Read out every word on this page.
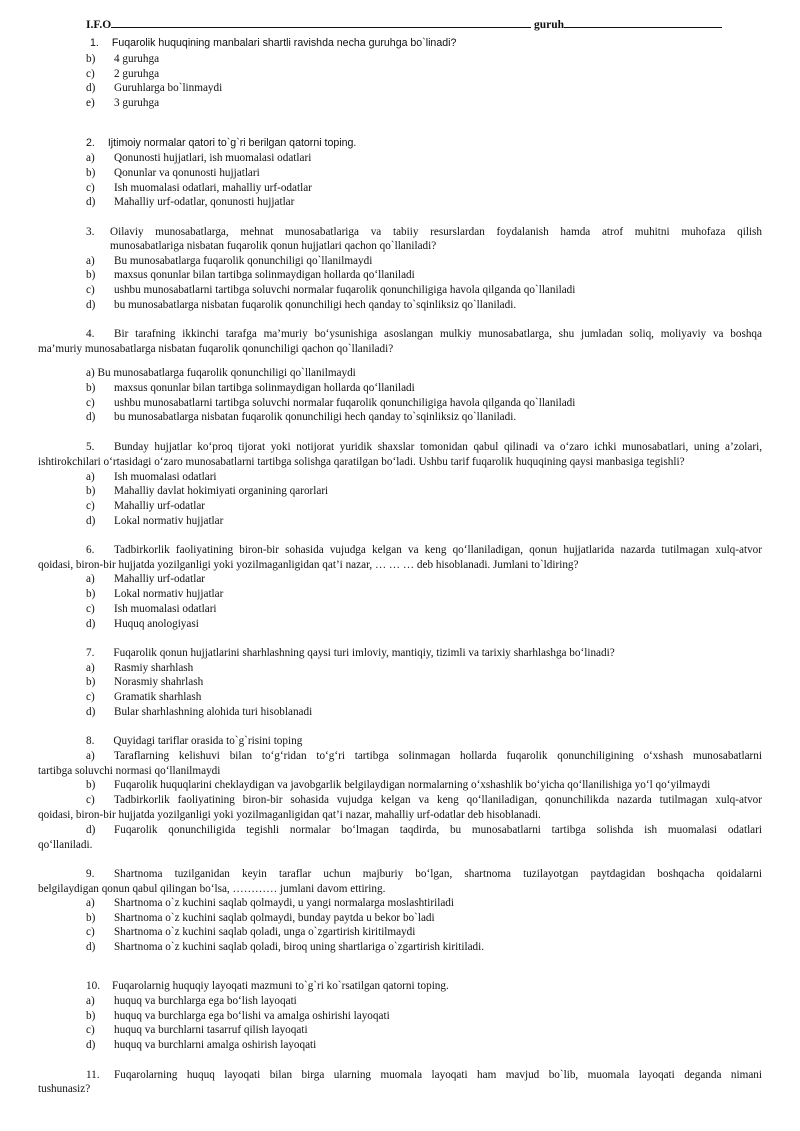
I.F.O	guruh
1. Fuqarolik huquqining manbalari shartli ravishda necha guruhga bo`linadi?
b) 4 guruhga
c) 2 guruhga
d) Guruhlarga bo`linmaydi
e) 3 guruhga
2. Ijtimoiy normalar qatori to`g`ri berilgan qatorni toping.
a) Qonunosti hujjatlari, ish muomalasi odatlari
b) Qonunlar va qonunosti hujjatlari
c) Ish muomalasi odatlari, mahalliy urf-odatlar
d) Mahalliy urf-odatlar, qonunosti hujjatlar
3. Oilaviy munosabatlarga, mehnat munosabatlariga va tabiiy resurslardan foydalanish hamda atrof muhitni muhofaza qilish
munosabatlariga nisbatan fuqarolik qonun hujjatlari qachon qo`llaniladi?
a) Bu munosabatlarga fuqarolik qonunchiligi qo`llanilmaydi
b) maxsus qonunlar bilan tartibga solinmaydigan hollarda qo‘llaniladi
c) ushbu munosabatlarni tartibga soluvchi normalar fuqarolik qonunchiligiga havola qilganda qo`llaniladi
d) bu munosabatlarga nisbatan fuqarolik qonunchiligi hech qanday to`sqinliksiz qo`llaniladi.
4. Bir tarafning ikkinchi tarafga ma’muriy bo‘ysunishiga asoslangan mulkiy munosabatlarga, shu jumladan soliq, moliyaviy va boshqa
ma’muriy munosabatlarga nisbatan fuqarolik qonunchiligi qachon qo`llaniladi?
a) Bu munosabatlarga fuqarolik qonunchiligi qo`llanilmaydi
b) maxsus qonunlar bilan tartibga solinmaydigan hollarda qo‘llaniladi
c) ushbu munosabatlarni tartibga soluvchi normalar fuqarolik qonunchiligiga havola qilganda qo`llaniladi
d) bu munosabatlarga nisbatan fuqarolik qonunchiligi hech qanday to`sqinliksiz qo`llaniladi.
5. Bunday hujjatlar ko‘proq tijorat yoki notijorat yuridik shaxslar tomonidan qabul qilinadi va o‘zaro ichki munosabatlari, uning a’zolari,
ishtirokchilari o‘rtasidagi o‘zaro munosabatlarni tartibga solishga qaratilgan bo‘ladi. Ushbu tarif fuqarolik huquqining qaysi manbasiga tegishli?
a) Ish muomalasi odatlari
b) Mahalliy davlat hokimiyati organining qarorlari
c) Mahalliy urf-odatlar
d) Lokal normativ hujjatlar
6. Tadbirkorlik faoliyatining biron-bir sohasida vujudga kelgan va keng qo‘llaniladigan, qonun hujjatlarida nazarda tutilmagan xulq-atvor
qoidasi, biron-bir hujjatda yozilganligi yoki yozilmaganligidan qat’i nazar, … … … deb hisoblanadi. Jumlani to`ldiring?
a) Mahalliy urf-odatlar
b) Lokal normativ hujjatlar
c) Ish muomalasi odatlari
d) Huquq anologiyasi
7. Fuqarolik qonun hujjatlarini sharhlashning qaysi turi imloviy, mantiqiy, tizimli va tarixiy sharhlashga bo‘linadi?
a) Rasmiy sharhlash
b) Norasmiy shahrlash
c) Gramatik sharhlash
d) Bular sharhlashning alohida turi hisoblanadi
8. Quyidagi tariflar orasida to`g`risini toping
a) Taraflarning kelishuvi bilan to‘g‘ridan to‘g‘ri tartibga solinmagan hollarda fuqarolik qonunchiligining o‘xshash munosabatlarni
tartibga soluvchi normasi qo‘llanilmaydi
b) Fuqarolik huquqlarini cheklaydigan va javobgarlik belgilaydigan normalarning o‘xshashlik bo‘yicha qo‘llanilishiga yo‘l qo‘yilmaydi
c) Tadbirkorlik faoliyatining biron-bir sohasida vujudga kelgan va keng qo‘llaniladigan, qonunchilikda nazarda tutilmagan xulq-atvor
qoidasi, biron-bir hujjatda yozilganligi yoki yozilmaganligidan qat’i nazar, mahalliy urf-odatlar deb hisoblanadi.
d) Fuqarolik qonunchiligida tegishli normalar bo‘lmagan taqdirda, bu munosabatlarni tartibga solishda ish muomalasi odatlari
qo‘llaniladi.
9. Shartnoma tuzilganidan keyin taraflar uchun majburiy bo‘lgan, shartnoma tuzilayotgan paytdagidan boshqacha qoidalarni
belgilaydigan qonun qabul qilingan bo‘lsa, ………… jumlani davom ettiring.
a) Shartnoma o`z kuchini saqlab qolmaydi, u yangi normalarga moslashtiriladi
b) Shartnoma o`z kuchini saqlab qolmaydi, bunday paytda u bekor bo`ladi
c) Shartnoma o`z kuchini saqlab qoladi, unga o`zgartirish kiritilmaydi
d) Shartnoma o`z kuchini saqlab qoladi, biroq uning shartlariga o`zgartirish kiritiladi.
10. Fuqarolarnig huquqiy layoqati mazmuni to`g`ri ko`rsatilgan qatorni toping.
a) huquq va burchlarga ega bo‘lish layoqati
b) huquq va burchlarga ega bo‘lishi va amalga oshirishi layoqati
c) huquq va burchlarni tasarruf qilish layoqati
d) huquq va burchlarni amalga oshirish layoqati
11. Fuqarolarning huquq layoqati bilan birga ularning muomala layoqati ham mavjud bo`lib, muomala layoqati deganda nimani
tushunasiz?
